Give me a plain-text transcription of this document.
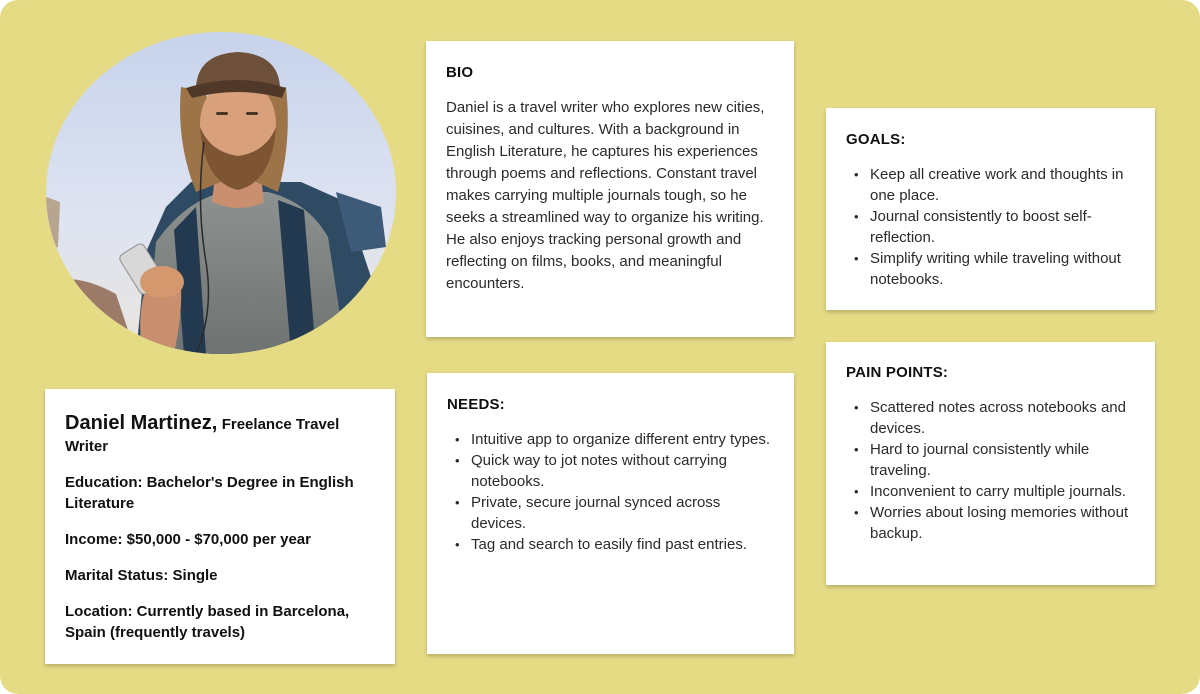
Daniel Martinez, Freelance Travel Writer

Education: Bachelor's Degree in English Literature

Income: $50,000 - $70,000 per year

Marital Status: Single

Location: Currently based in Barcelona, Spain (frequently travels)

BIO

Daniel is a travel writer who explores new cities, cuisines, and cultures. With a background in English Literature, he captures his experiences through poems and reflections. Constant travel makes carrying multiple journals tough, so he seeks a streamlined way to organize his writing. He also enjoys tracking personal growth and reflecting on films, books, and meaningful encounters.

NEEDS:
• Intuitive app to organize different entry types.
• Quick way to jot notes without carrying notebooks.
• Private, secure journal synced across devices.
• Tag and search to easily find past entries.
GOALS:
• Keep all creative work and thoughts in one place.
• Journal consistently to boost self-reflection.
• Simplify writing while traveling without notebooks.
PAIN POINTS:
• Scattered notes across notebooks and devices.
• Hard to journal consistently while traveling.
• Inconvenient to carry multiple journals.
• Worries about losing memories without backup.
